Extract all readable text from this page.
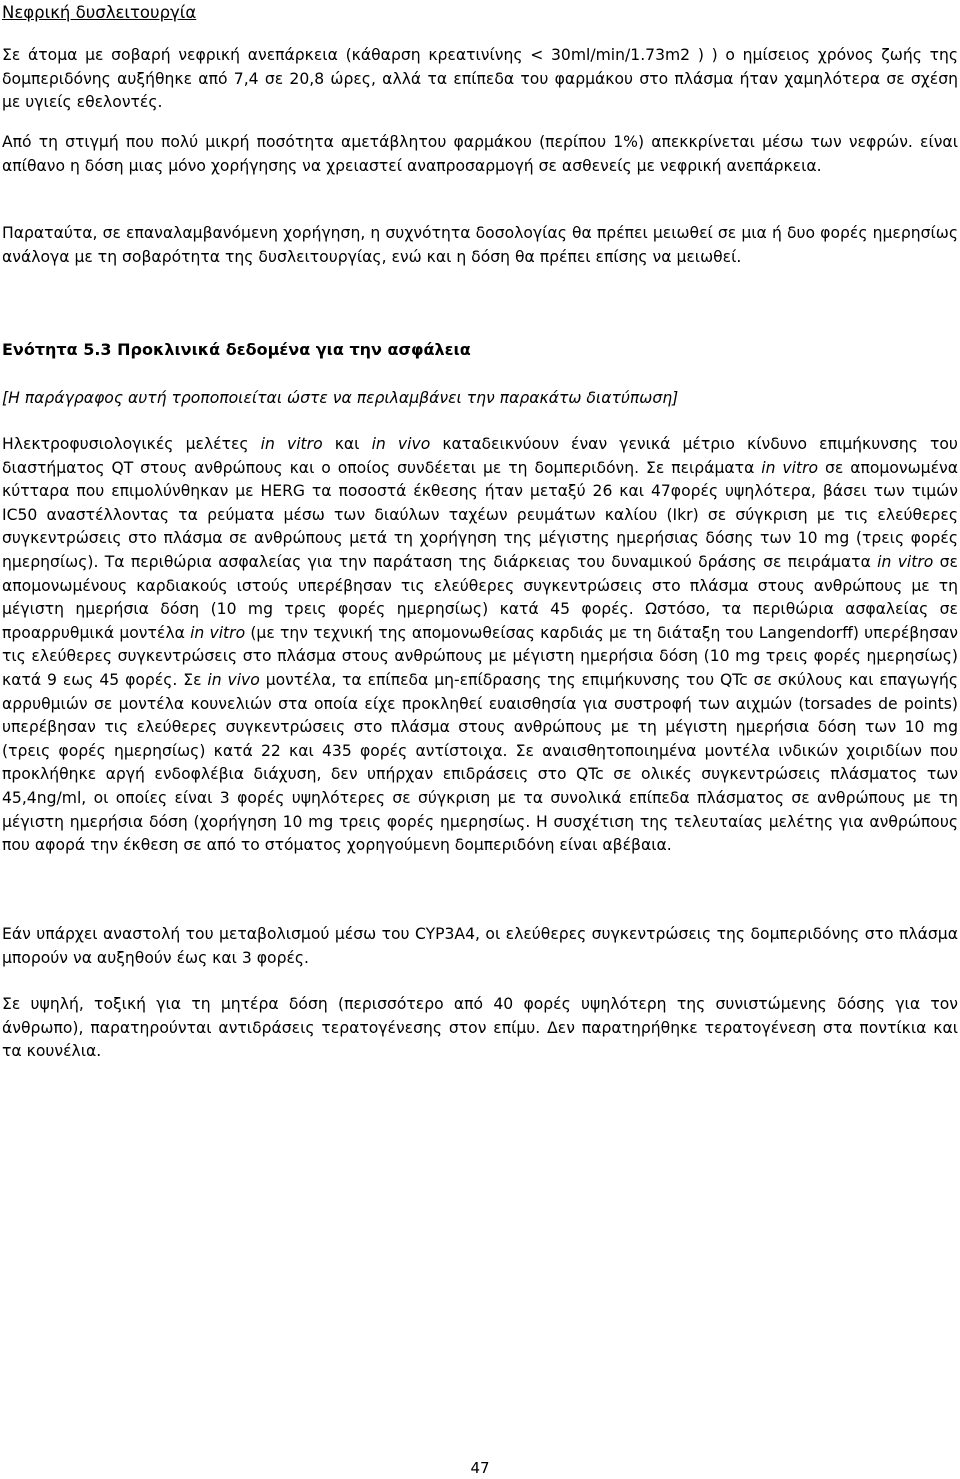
Νεφρική δυσλειτουργία

Σε άτομα με σοβαρή νεφρική ανεπάρκεια (κάθαρση κρεατινίνης < 30ml/min/1.73m2 ) ) ο ημίσειος χρόνος ζωής της δομπεριδόνης αυξήθηκε από 7,4 σε 20,8 ώρες, αλλά τα επίπεδα του φαρμάκου στο πλάσμα ήταν χαμηλότερα σε σχέση με υγιείς εθελοντές.

Από τη στιγμή που πολύ μικρή ποσότητα αμετάβλητου φαρμάκου (περίπου 1%) απεκκρίνεται μέσω των νεφρών. είναι απίθανο η δόση μιας μόνο χορήγησης να χρειαστεί αναπροσαρμογή σε ασθενείς με νεφρική ανεπάρκεια.

Παραταύτα, σε επαναλαμβανόμενη χορήγηση, η συχνότητα δοσολογίας θα πρέπει μειωθεί σε μια ή δυο φορές ημερησίως ανάλογα με τη σοβαρότητα της δυσλειτουργίας, ενώ και η δόση θα πρέπει επίσης να μειωθεί.

Ενότητα 5.3 Προκλινικά δεδομένα για την ασφάλεια

[Η παράγραφος αυτή τροποποιείται ώστε να περιλαμβάνει την παρακάτω διατύπωση]

Ηλεκτροφυσιολογικές μελέτες in vitro και in vivo καταδεικνύουν έναν γενικά μέτριο κίνδυνο επιμήκυνσης του διαστήματος QT στους ανθρώπους και ο οποίος συνδέεται με τη δομπεριδόνη. Σε πειράματα in vitro σε απομονωμένα κύτταρα που επιμολύνθηκαν με HERG τα ποσοστά έκθεσης ήταν μεταξύ 26 και 47φορές υψηλότερα, βάσει των τιμών IC50 αναστέλλοντας τα ρεύματα μέσω των διαύλων ταχέων ρευμάτων καλίου (Ikr) σε σύγκριση με τις ελεύθερες συγκεντρώσεις στο πλάσμα σε ανθρώπους μετά τη χορήγηση της μέγιστης ημερήσιας δόσης των 10 mg (τρεις φορές ημερησίως). Τα περιθώρια ασφαλείας για την παράταση της διάρκειας του δυναμικού δράσης σε πειράματα in vitro σε απομονωμένους καρδιακούς ιστούς υπερέβησαν τις ελεύθερες συγκεντρώσεις στο πλάσμα στους ανθρώπους με τη μέγιστη ημερήσια δόση (10 mg τρεις φορές ημερησίως) κατά 45 φορές. Ωστόσο, τα περιθώρια ασφαλείας σε προαρρυθμικά μοντέλα in vitro (με την τεχνική της απομονωθείσας καρδιάς με τη διάταξη του Langendorff) υπερέβησαν τις ελεύθερες συγκεντρώσεις στο πλάσμα στους ανθρώπους με μέγιστη ημερήσια δόση (10 mg τρεις φορές ημερησίως) κατά 9 εως 45 φορές. Σε in vivo μοντέλα, τα επίπεδα μη-επίδρασης της επιμήκυνσης του QTc σε σκύλους και επαγωγής αρρυθμιών σε μοντέλα κουνελιών στα οποία είχε προκληθεί ευαισθησία για συστροφή των αιχμών (torsades de points) υπερέβησαν τις ελεύθερες συγκεντρώσεις στο πλάσμα στους ανθρώπους με τη μέγιστη ημερήσια δόση των 10 mg (τρεις φορές ημερησίως) κατά 22 και 435 φορές αντίστοιχα. Σε αναισθητοποιημένα μοντέλα ινδικών χοιριδίων που προκλήθηκε αργή ενδοφλέβια διάχυση, δεν υπήρχαν επιδράσεις στο QTc σε ολικές συγκεντρώσεις πλάσματος των 45,4ng/ml, οι οποίες είναι 3 φορές υψηλότερες σε σύγκριση με τα συνολικά επίπεδα πλάσματος σε ανθρώπους με τη μέγιστη ημερήσια δόση (χορήγηση 10 mg τρεις φορές ημερησίως. Η συσχέτιση της τελευταίας μελέτης για ανθρώπους που αφορά την έκθεση σε από το στόματος χορηγούμενη δομπεριδόνη είναι αβέβαια.

Εάν υπάρχει αναστολή του μεταβολισμού μέσω του CYP3A4, οι ελεύθερες συγκεντρώσεις της δομπεριδόνης στο πλάσμα μπορούν να αυξηθούν έως και 3 φορές.

Σε υψηλή, τοξική για τη μητέρα δόση (περισσότερο από 40 φορές υψηλότερη της συνιστώμενης δόσης για τον άνθρωπο), παρατηρούνται αντιδράσεις τερατογένεσης στον επίμυ. Δεν παρατηρήθηκε τερατογένεση στα ποντίκια και τα κουνέλια.

47
